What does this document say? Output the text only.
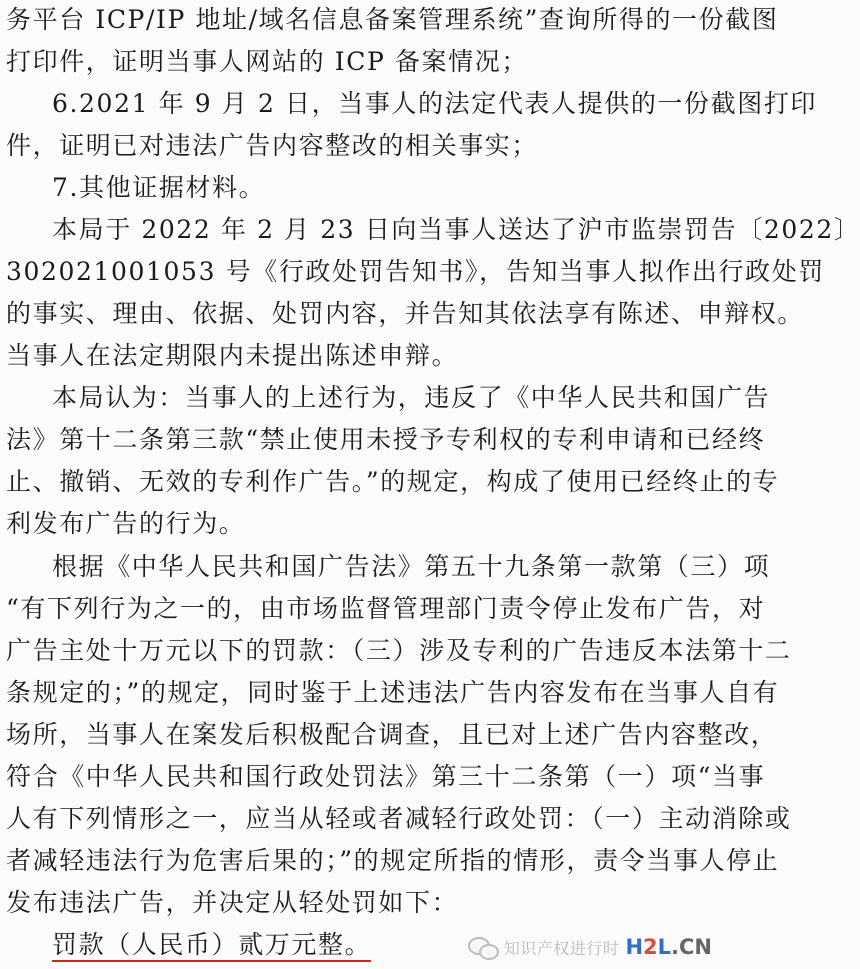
务平台 ICP/IP 地址/域名信息备案管理系统”查询所得的一份截图
打印件，证明当事人网站的 ICP 备案情况；
6.2021 年 9 月 2 日，当事人的法定代表人提供的一份截图打印
件，证明已对违法广告内容整改的相关事实；
7.其他证据材料。
本局于 2022 年 2 月 23 日向当事人送达了沪市监崇罚告〔2022〕
302021001053 号《行政处罚告知书》，告知当事人拟作出行政处罚
的事实、理由、依据、处罚内容，并告知其依法享有陈述、申辩权。
当事人在法定期限内未提出陈述申辩。
本局认为：当事人的上述行为，违反了《中华人民共和国广告
法》第十二条第三款“禁止使用未授予专利权的专利申请和已经终
止、撤销、无效的专利作广告。”的规定，构成了使用已经终止的专
利发布广告的行为。
根据《中华人民共和国广告法》第五十九条第一款第（三）项
“有下列行为之一的，由市场监督管理部门责令停止发布广告，对
广告主处十万元以下的罚款：（三）涉及专利的广告违反本法第十二
条规定的；”的规定，同时鉴于上述违法广告内容发布在当事人自有
场所，当事人在案发后积极配合调查，且已对上述广告内容整改，
符合《中华人民共和国行政处罚法》第三十二条第（一）项“当事
人有下列情形之一，应当从轻或者减轻行政处罚：（一）主动消除或
者减轻违法行为危害后果的；”的规定所指的情形，责令当事人停止
发布违法广告，并决定从轻处罚如下：
罚款（人民币）贰万元整。	知识产权进行时 H2L.CN
